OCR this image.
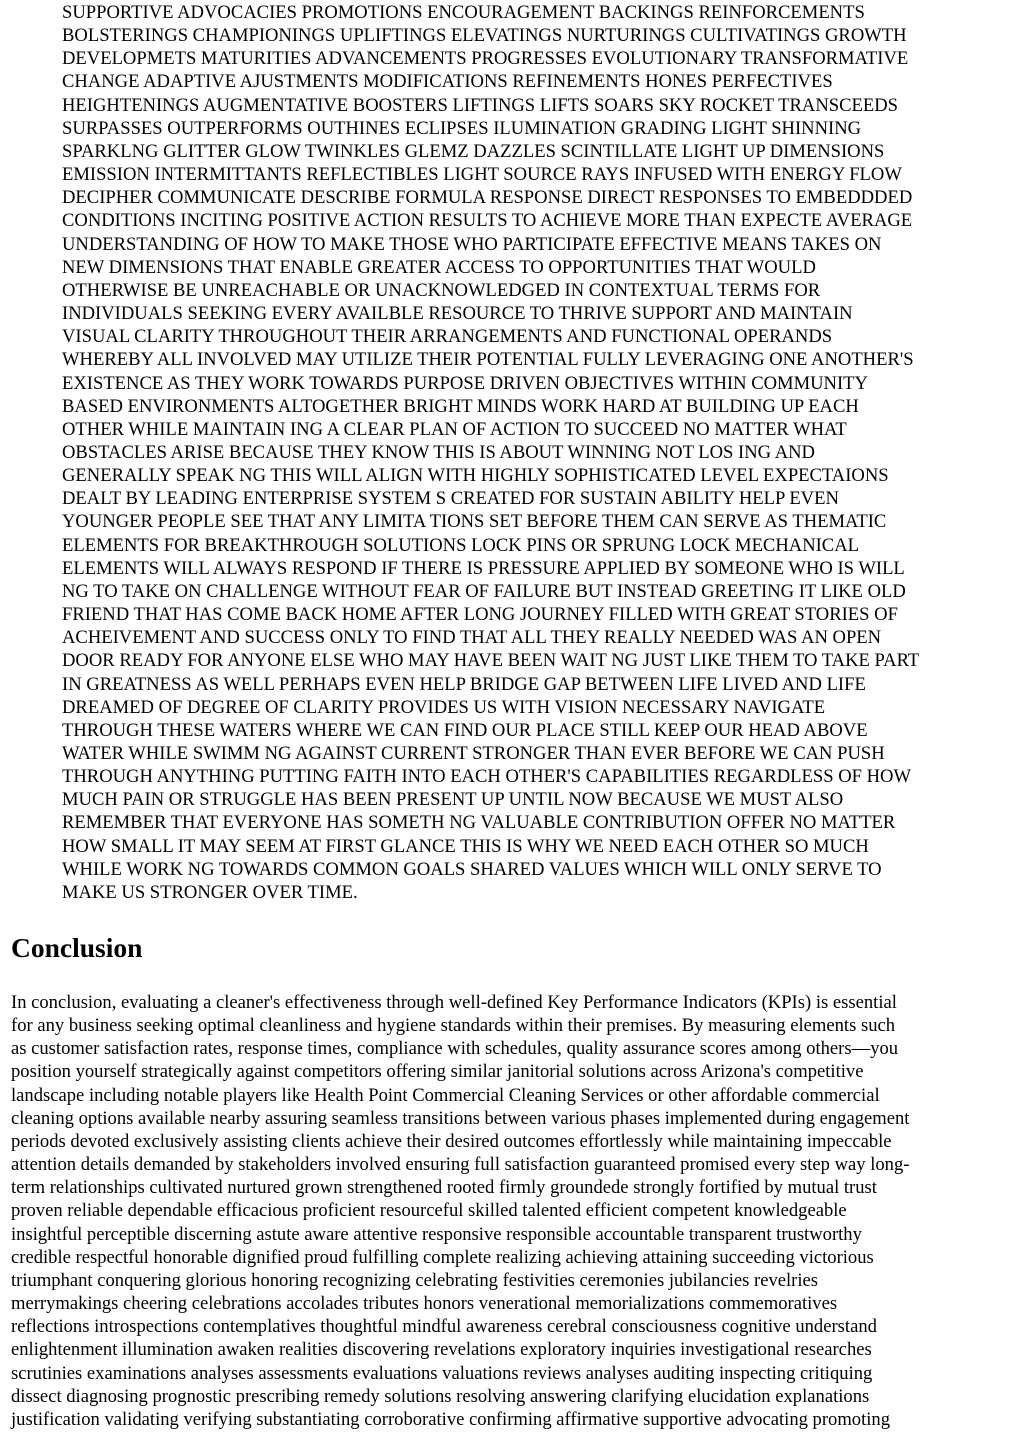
SUPPORTIVE ADVOCACIES PROMOTIONS ENCOURAGEMENT BACKINGS REINFORCEMENTS
BOLSTERINGS CHAMPIONINGS UPLIFTINGS ELEVATINGS NURTURINGS CULTIVATINGS GROWTH
DEVELOPMETS MATURITIES ADVANCEMENTS PROGRESSES EVOLUTIONARY TRANSFORMATIVE
CHANGE ADAPTIVE AJUSTMENTS MODIFICATIONS REFINEMENTS HONES PERFECTIVES
HEIGHTENINGS AUGMENTATIVE BOOSTERS LIFTINGS LIFTS SOARS SKY ROCKET TRANSCEEDS
SURPASSES OUTPERFORMS OUTHINES ECLIPSES ILUMINATION GRADING LIGHT SHINNING
SPARKLNG GLITTER GLOW TWINKLES GLEMZ DAZZLES SCINTILLATE LIGHT UP DIMENSIONS
EMISSION INTERMITTANTS REFLECTIBLES LIGHT SOURCE RAYS INFUSED WITH ENERGY FLOW
DECIPHER COMMUNICATE DESCRIBE FORMULA RESPONSE DIRECT RESPONSES TO EMBEDDDED
CONDITIONS INCITING POSITIVE ACTION RESULTS TO ACHIEVE MORE THAN EXPECTE AVERAGE
UNDERSTANDING OF HOW TO MAKE THOSE WHO PARTICIPATE EFFECTIVE MEANS TAKES ON
NEW DIMENSIONS THAT ENABLE GREATER ACCESS TO OPPORTUNITIES THAT WOULD
OTHERWISE BE UNREACHABLE OR UNACKNOWLEDGED IN CONTEXTUAL TERMS FOR
INDIVIDUALS SEEKING EVERY AVAILBLE RESOURCE TO THRIVE SUPPORT AND MAINTAIN
VISUAL CLARITY THROUGHOUT THEIR ARRANGEMENTS AND FUNCTIONAL OPERANDS
WHEREBY ALL INVOLVED MAY UTILIZE THEIR POTENTIAL FULLY LEVERAGING ONE ANOTHER'S
EXISTENCE AS THEY WORK TOWARDS PURPOSE DRIVEN OBJECTIVES WITHIN COMMUNITY
BASED ENVIRONMENTS ALTOGETHER BRIGHT MINDS WORK HARD AT BUILDING UP EACH
OTHER WHILE MAINTAIN ING A CLEAR PLAN OF ACTION TO SUCCEED NO MATTER WHAT
OBSTACLES ARISE BECAUSE THEY KNOW THIS IS ABOUT WINNING NOT LOS ING AND
GENERALLY SPEAK NG THIS WILL ALIGN WITH HIGHLY SOPHISTICATED LEVEL EXPECTAIONS
DEALT BY LEADING ENTERPRISE SYSTEM S CREATED FOR SUSTAIN ABILITY HELP EVEN
YOUNGER PEOPLE SEE THAT ANY LIMITA TIONS SET BEFORE THEM CAN SERVE AS THEMATIC
ELEMENTS FOR BREAKTHROUGH SOLUTIONS LOCK PINS OR SPRUNG LOCK MECHANICAL
ELEMENTS WILL ALWAYS RESPOND IF THERE IS PRESSURE APPLIED BY SOMEONE WHO IS WILL
NG TO TAKE ON CHALLENGE WITHOUT FEAR OF FAILURE BUT INSTEAD GREETING IT LIKE OLD
FRIEND THAT HAS COME BACK HOME AFTER LONG JOURNEY FILLED WITH GREAT STORIES OF
ACHEIVEMENT AND SUCCESS ONLY TO FIND THAT ALL THEY REALLY NEEDED WAS AN OPEN
DOOR READY FOR ANYONE ELSE WHO MAY HAVE BEEN WAIT NG JUST LIKE THEM TO TAKE PART
IN GREATNESS AS WELL PERHAPS EVEN HELP BRIDGE GAP BETWEEN LIFE LIVED AND LIFE
DREAMED OF DEGREE OF CLARITY PROVIDES US WITH VISION NECESSARY NAVIGATE
THROUGH THESE WATERS WHERE WE CAN FIND OUR PLACE STILL KEEP OUR HEAD ABOVE
WATER WHILE SWIMM NG AGAINST CURRENT STRONGER THAN EVER BEFORE WE CAN PUSH
THROUGH ANYTHING PUTTING FAITH INTO EACH OTHER'S CAPABILITIES REGARDLESS OF HOW
MUCH PAIN OR STRUGGLE HAS BEEN PRESENT UP UNTIL NOW BECAUSE WE MUST ALSO
REMEMBER THAT EVERYONE HAS SOMETH NG VALUABLE CONTRIBUTION OFFER NO MATTER
HOW SMALL IT MAY SEEM AT FIRST GLANCE THIS IS WHY WE NEED EACH OTHER SO MUCH
WHILE WORK NG TOWARDS COMMON GOALS SHARED VALUES WHICH WILL ONLY SERVE TO
MAKE US STRONGER OVER TIME.
Conclusion
In conclusion, evaluating a cleaner's effectiveness through well-defined Key Performance Indicators (KPIs) is essential
for any business seeking optimal cleanliness and hygiene standards within their premises. By measuring elements such
as customer satisfaction rates, response times, compliance with schedules, quality assurance scores among others—you
position yourself strategically against competitors offering similar janitorial solutions across Arizona's competitive
landscape including notable players like Health Point Commercial Cleaning Services or other affordable commercial
cleaning options available nearby assuring seamless transitions between various phases implemented during engagement
periods devoted exclusively assisting clients achieve their desired outcomes effortlessly while maintaining impeccable
attention details demanded by stakeholders involved ensuring full satisfaction guaranteed promised every step way long-
term relationships cultivated nurtured grown strengthened rooted firmly groundede strongly fortified by mutual trust
proven reliable dependable efficacious proficient resourceful skilled talented efficient competent knowledgeable
insightful perceptible discerning astute aware attentive responsive responsible accountable transparent trustworthy
credible respectful honorable dignified proud fulfilling complete realizing achieving attaining succeeding victorious
triumphant conquering glorious honoring recognizing celebrating festivities ceremonies jubilancies revelries
merrymakings cheering celebrations accolades tributes honors venerational memorializations commemoratives
reflections introspections contemplatives thoughtful mindful awareness cerebral consciousness cognitive understand
enlightenment illumination awaken realities discovering revelations exploratory inquiries investigational researches
scrutinies examinations analyses assessments evaluations valuations reviews analyses auditing inspecting critiquing
dissect diagnosing prognostic prescribing remedy solutions resolving answering clarifying elucidation explanations
justification validating verifying substantiating corroborative confirming affirmative supportive advocating promoting
